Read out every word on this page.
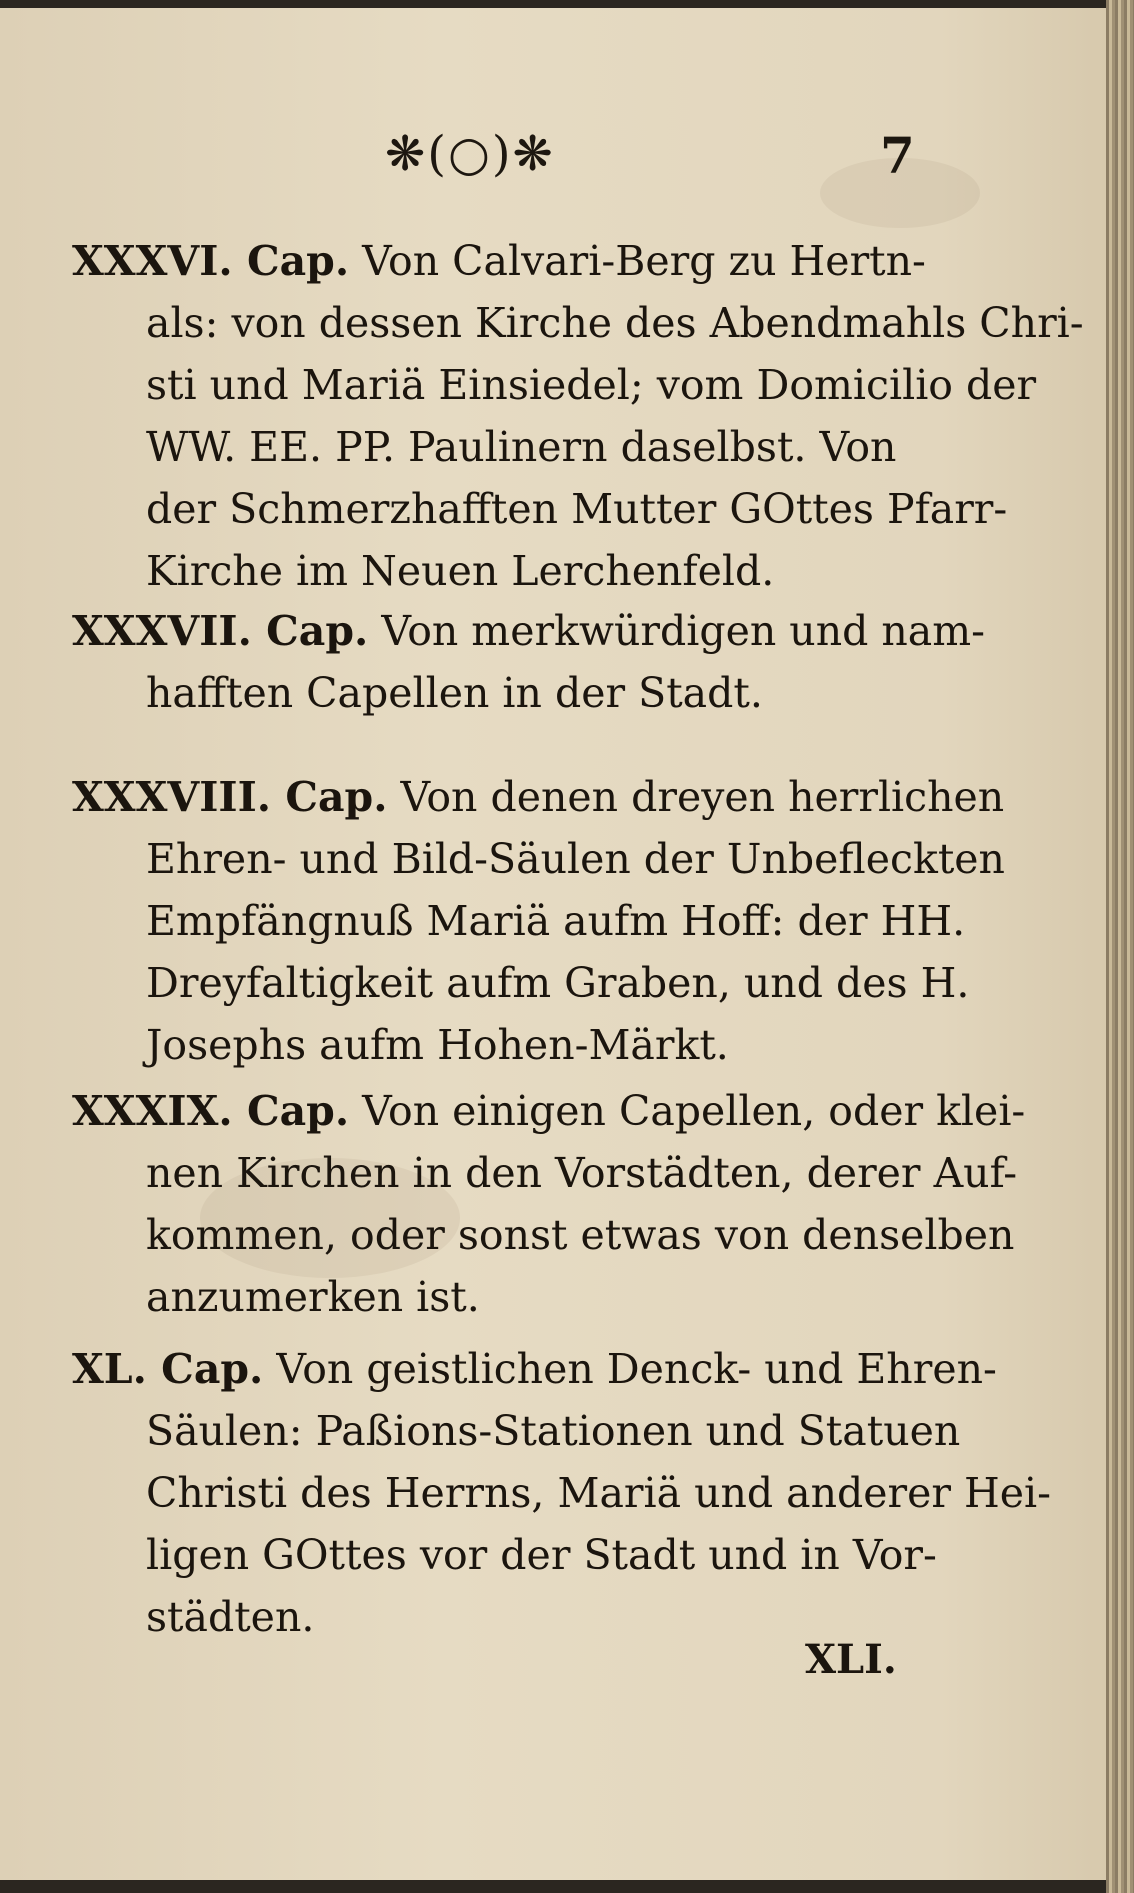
❋(○)❋	7
XXXVI. Cap. Von Calvari-Berg zu Hertn-
als: von dessen Kirche des Abendmahls Chri-
sti und Mariä Einsiedel; vom Domicilio der
WW. EE. PP. Paulinern daselbst. Von
der Schmerzhafften Mutter GOttes Pfarr-
Kirche im Neuen Lerchenfeld.
XXXVII. Cap. Von merkwürdigen und nam-
hafften Capellen in der Stadt.
XXXVIII. Cap. Von denen dreyen herrlichen
Ehren- und Bild-Säulen der Unbefleckten
Empfängnuß Mariä aufm Hoff: der HH.
Dreyfaltigkeit aufm Graben, und des H.
Josephs aufm Hohen-Märkt.
XXXIX. Cap. Von einigen Capellen, oder klei-
nen Kirchen in den Vorstädten, derer Auf-
kommen, oder sonst etwas von denselben
anzumerken ist.
XL. Cap. Von geistlichen Denck- und Ehren-
Säulen: Paßions-Stationen und Statuen
Christi des Herrns, Mariä und anderer Hei-
ligen GOttes vor der Stadt und in Vor-
städten.
XLI.
